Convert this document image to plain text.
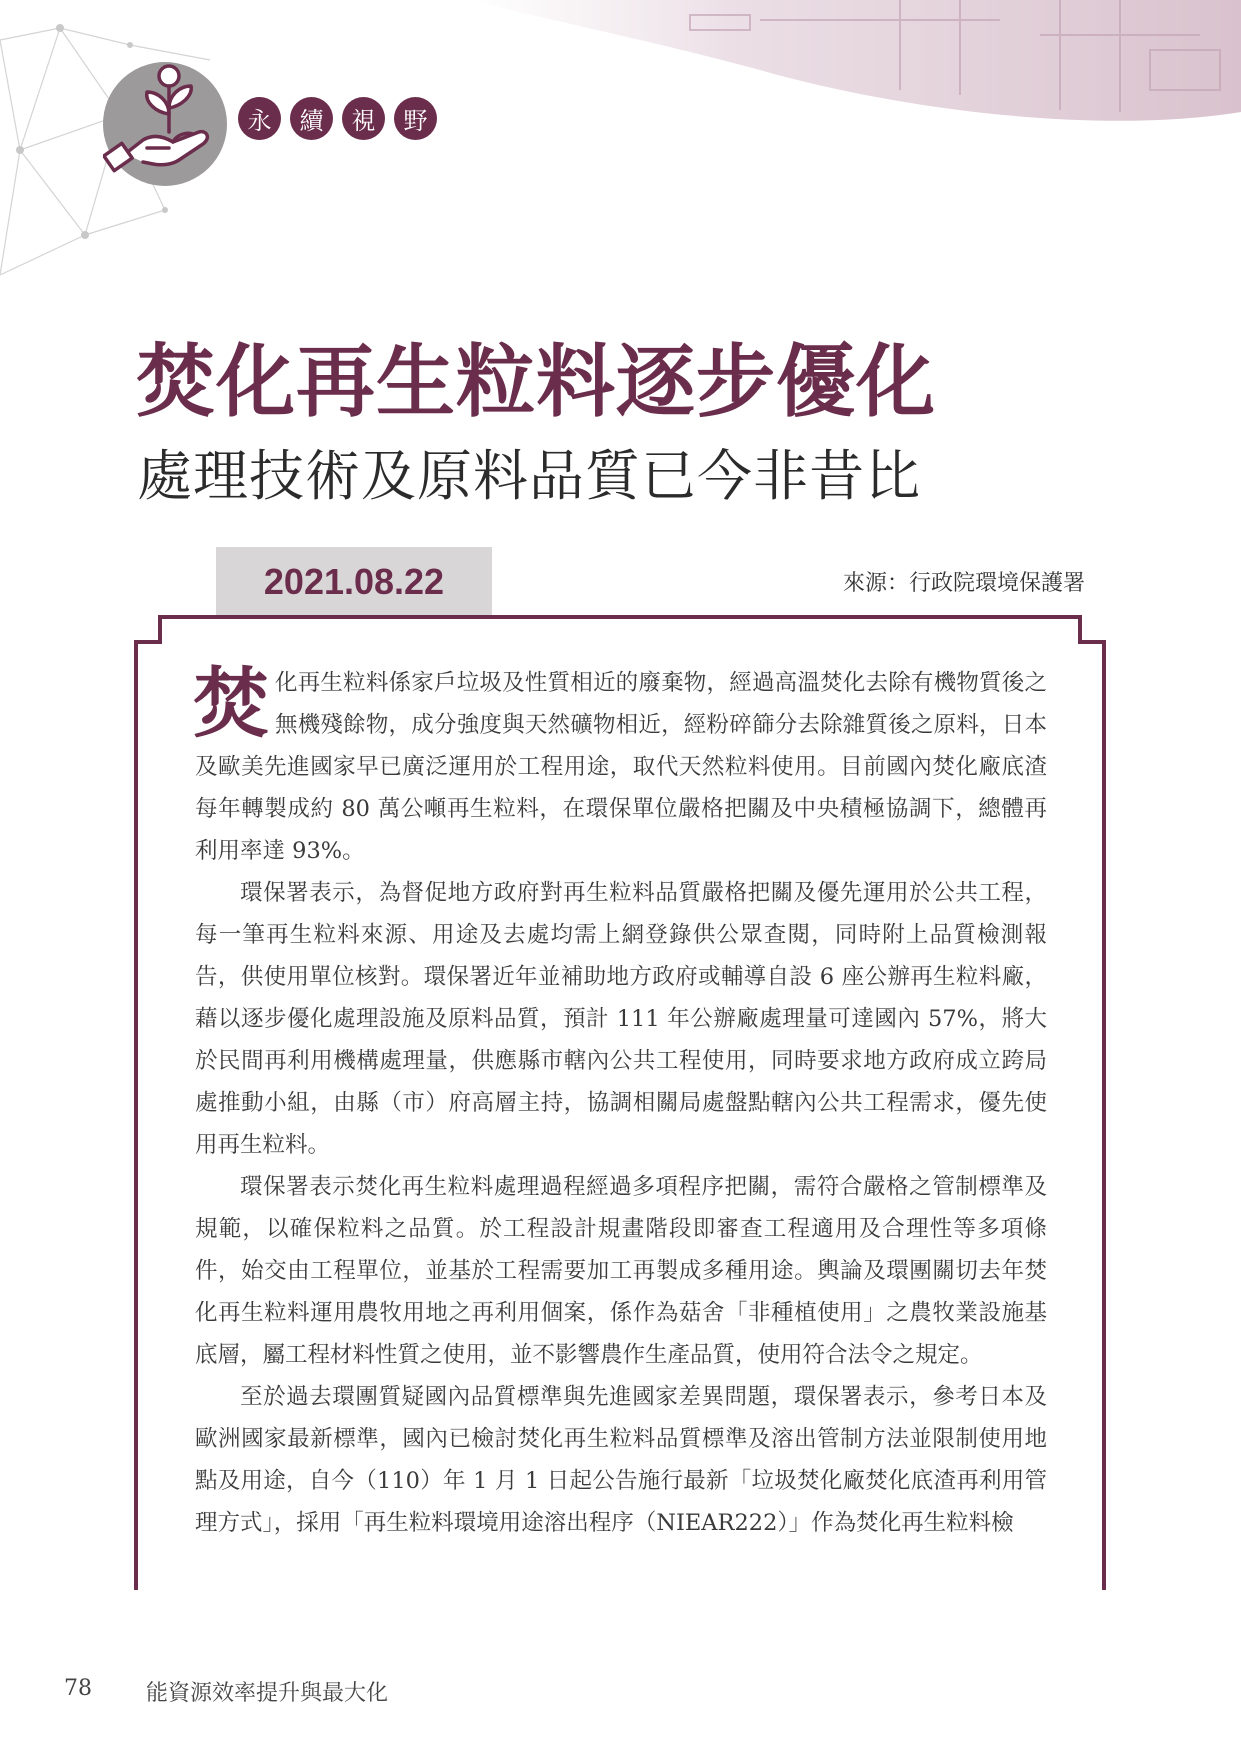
永	續	視	野
焚化再生粒料逐步優化
處理技術及原料品質已今非昔比
2021.08.22	來源：行政院環境保護署

焚化再生粒料係家戶垃圾及性質相近的廢棄物，經過高溫焚化去除有機物質後之無機殘餘物，成分強度與天然礦物相近，經粉碎篩分去除雜質後之原料，日本及歐美先進國家早已廣泛運用於工程用途，取代天然粒料使用。目前國內焚化廠底渣每年轉製成約 80 萬公噸再生粒料，在環保單位嚴格把關及中央積極協調下，總體再利用率達 93%。

環保署表示，為督促地方政府對再生粒料品質嚴格把關及優先運用於公共工程，每一筆再生粒料來源、用途及去處均需上網登錄供公眾查閱，同時附上品質檢測報告，供使用單位核對。環保署近年並補助地方政府或輔導自設 6 座公辦再生粒料廠，藉以逐步優化處理設施及原料品質，預計 111 年公辦廠處理量可達國內 57%，將大於民間再利用機構處理量，供應縣市轄內公共工程使用，同時要求地方政府成立跨局處推動小組，由縣（市）府高層主持，協調相關局處盤點轄內公共工程需求，優先使用再生粒料。

環保署表示焚化再生粒料處理過程經過多項程序把關，需符合嚴格之管制標準及規範，以確保粒料之品質。於工程設計規畫階段即審查工程適用及合理性等多項條件，始交由工程單位，並基於工程需要加工再製成多種用途。輿論及環團關切去年焚化再生粒料運用農牧用地之再利用個案，係作為菇舍「非種植使用」之農牧業設施基底層，屬工程材料性質之使用，並不影響農作生產品質，使用符合法令之規定。

至於過去環團質疑國內品質標準與先進國家差異問題，環保署表示，參考日本及歐洲國家最新標準，國內已檢討焚化再生粒料品質標準及溶出管制方法並限制使用地點及用途，自今（110）年 1 月 1 日起公告施行最新「垃圾焚化廠焚化底渣再利用管理方式」，採用「再生粒料環境用途溶出程序（NIEAR222）」作為焚化再生粒料檢

78 能資源效率提升與最大化
